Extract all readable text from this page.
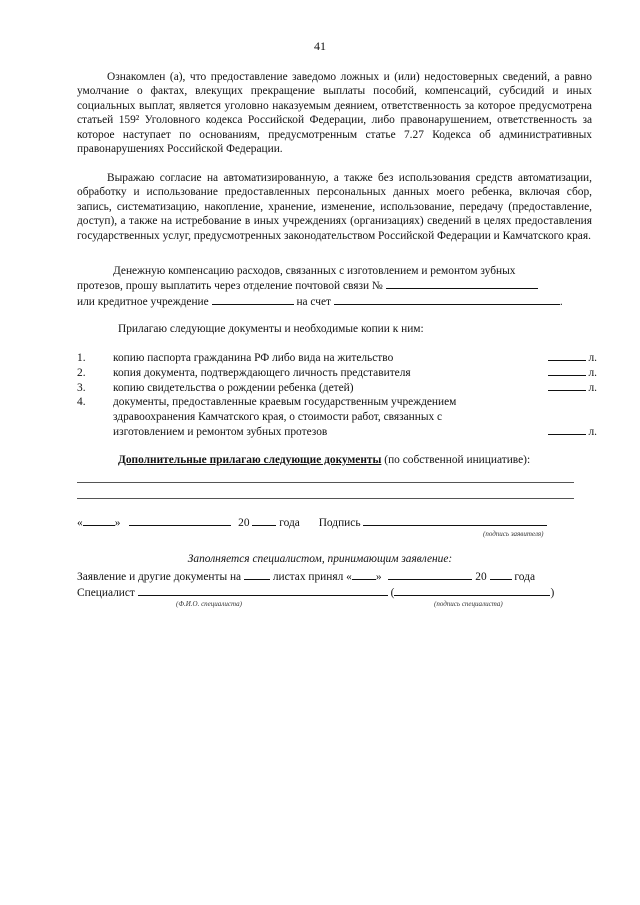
41

Ознакомлен (а), что предоставление заведомо ложных и (или) недостоверных сведений, а равно умолчание о фактах, влекущих прекращение выплаты пособий, компенсаций, субсидий и иных социальных выплат, является уголовно наказуемым деянием, ответственность за которое предусмотрена статьей 159² Уголовного кодекса Российской Федерации, либо правонарушением, ответственность за которое наступает по основаниям, предусмотренным статье 7.27 Кодекса об административных правонарушениях Российской Федерации.

Выражаю согласие на автоматизированную, а также без использования средств автоматизации, обработку и использование предоставленных персональных данных моего ребенка, включая сбор, запись, систематизацию, накопление, хранение, изменение, использование, передачу (предоставление, доступ), а также на истребование в иных учреждениях (организациях) сведений в целях предоставления государственных услуг, предусмотренных законодательством Российской Федерации и Камчатского края.

Денежную компенсацию расходов, связанных с изготовлением и ремонтом зубных
протезов, прошу выплатить через отделение почтовой связи №
или кредитное учреждение	на счет	.
Прилагаю следующие документы и необходимые копии к ним:
1. копию паспорта гражданина РФ либо вида на жительство	л.
2. копия документа, подтверждающего личность представителя	л.
3. копию свидетельства о рождении ребенка (детей)	л.
4. документы, предоставленные краевым государственным учреждением здравоохранения Камчатского края, о стоимости работ, связанных с изготовлением и ремонтом зубных протезов	л.
Дополнительные прилагаю следующие документы (по собственной инициативе):
«	»	20	года Подпись
(подпись заявителя)
Заполняется специалистом, принимающим заявление:
Заявление и другие документы на	листах принял « »	20 года
Специалист	(	)
(Ф.И.О. специалиста)	(подпись специалиста)
